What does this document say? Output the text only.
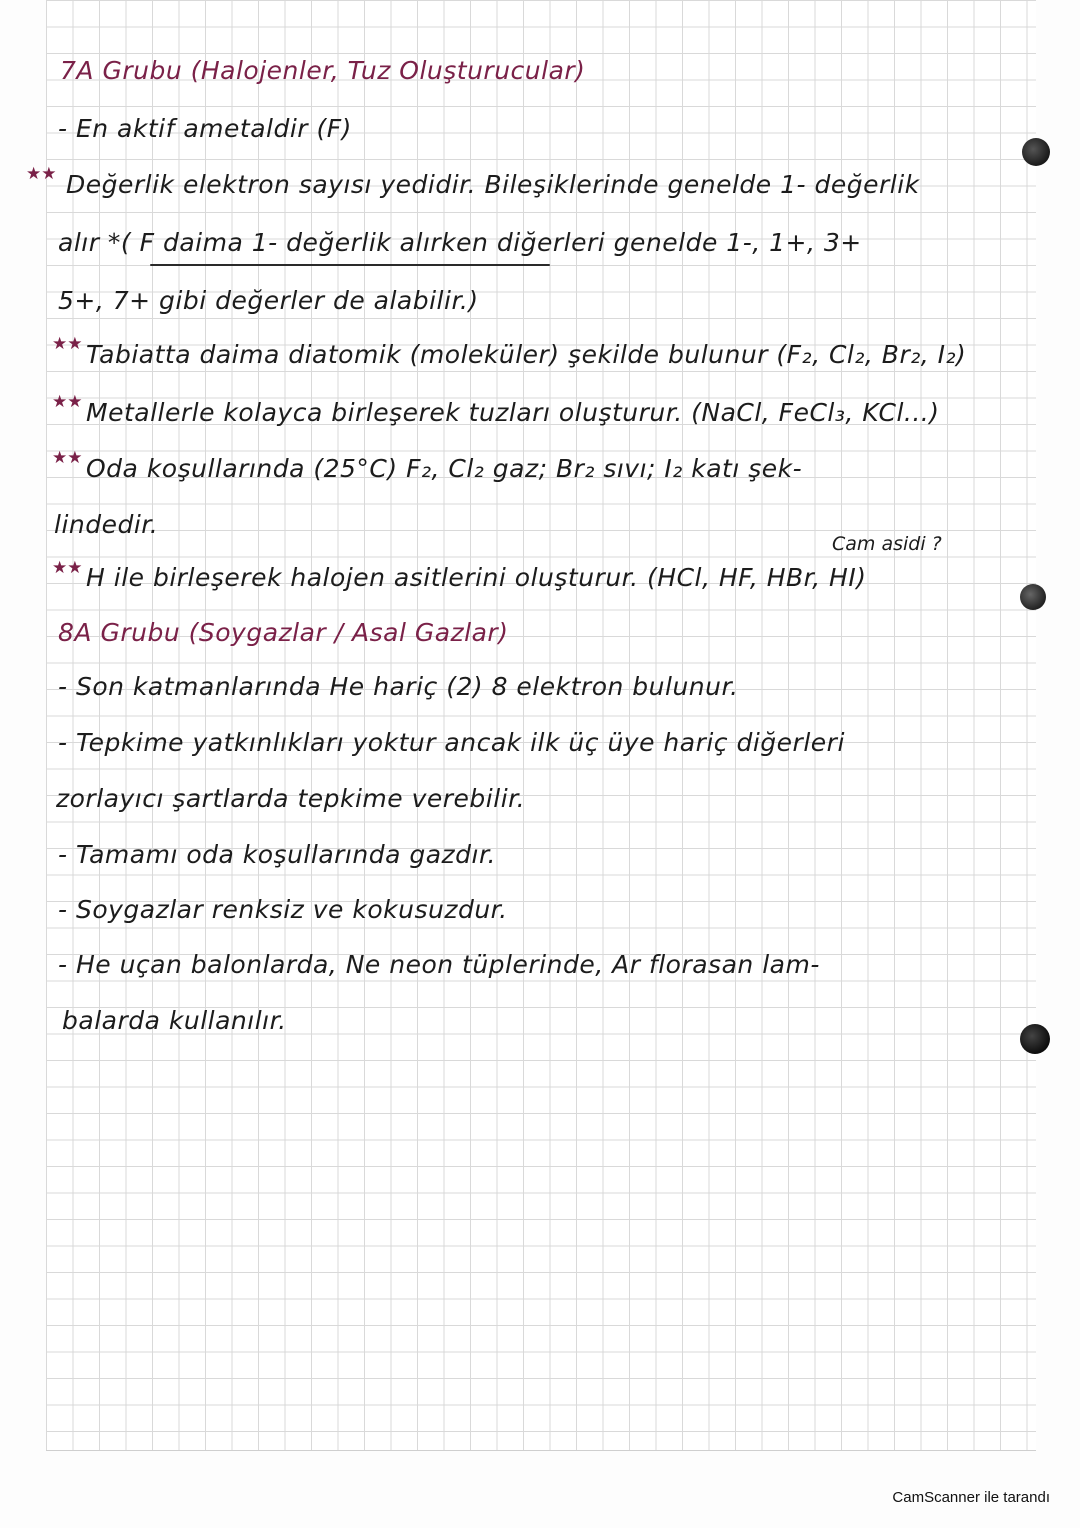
7A Grubu (Halojenler, Tuz Oluşturucular)
- En aktif ametaldir (F)
★★ Değerlik elektron sayısı yedidir. Bileşiklerinde genelde 1- değerlik
alır *( F daima 1- değerlik alırken diğerleri genelde 1-, 1+, 3+
5+, 7+ gibi değerler de alabilir.)
★★ Tabiatta daima diatomik (moleküler) şekilde bulunur (F₂, Cl₂, Br₂, I₂)
★★ Metallerle kolayca birleşerek tuzları oluşturur. (NaCl, FeCl₃, KCl...)
★★ Oda koşullarında (25°C) F₂, Cl₂ gaz; Br₂ sıvı; I₂ katı şek-
lindedir.
Cam asidi ?
★★ H ile birleşerek halojen asitlerini oluşturur. (HCl, HF, HBr, HI)
8A Grubu (Soygazlar / Asal Gazlar)
- Son katmanlarında He hariç (2) 8 elektron bulunur.
- Tepkime yatkınlıkları yoktur ancak ilk üç üye hariç diğerleri
zorlayıcı şartlarda tepkime verebilir.
- Tamamı oda koşullarında gazdır.
- Soygazlar renksiz ve kokusuzdur.
- He uçan balonlarda, Ne neon tüplerinde, Ar florasan lam-
balarda kullanılır.
CamScanner ile tarandı
